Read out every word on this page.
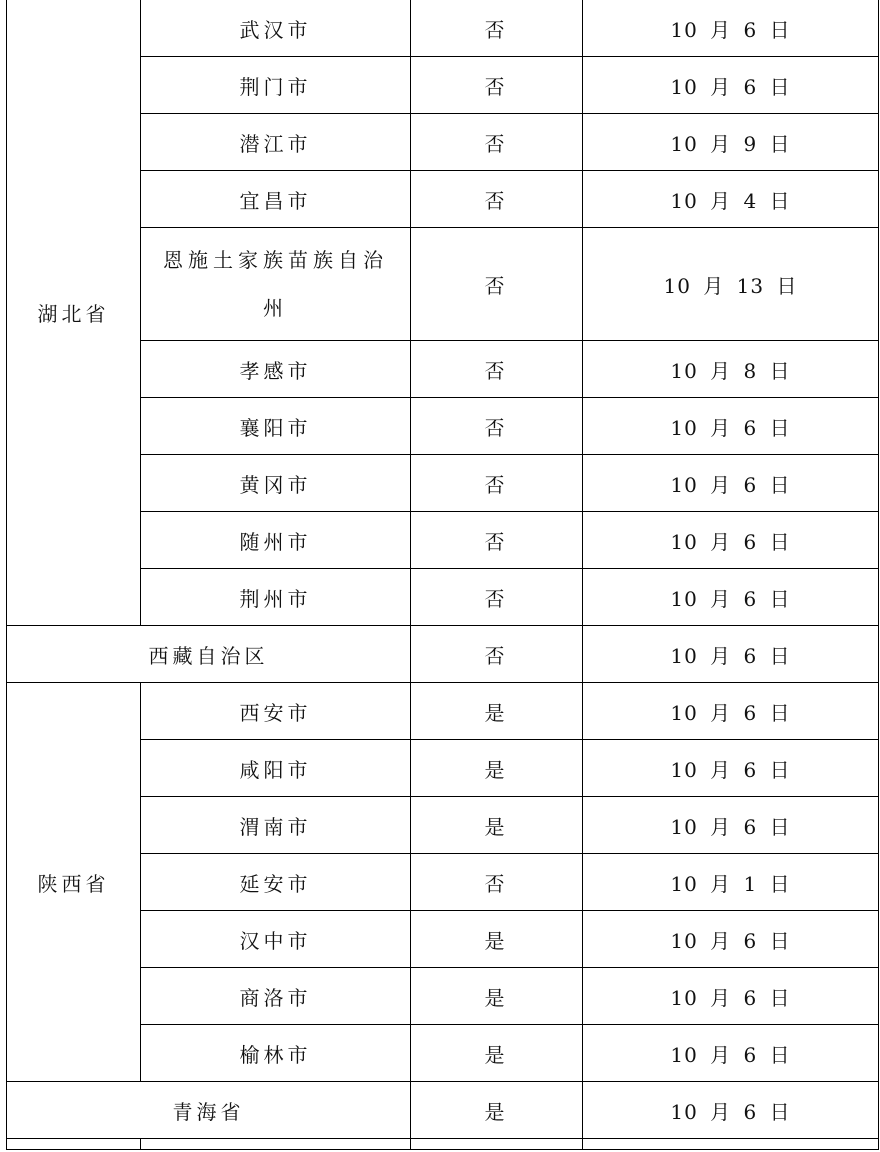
湖北省	武汉市	否	10 月 6 日
	荆门市	否	10 月 6 日
	潜江市	否	10 月 9 日
	宜昌市	否	10 月 4 日
	恩施土家族苗族自治州	否	10 月 13 日
	孝感市	否	10 月 8 日
	襄阳市	否	10 月 6 日
	黄冈市	否	10 月 6 日
	随州市	否	10 月 6 日
	荆州市	否	10 月 6 日
西藏自治区		否	10 月 6 日
陕西省	西安市	是	10 月 6 日
	咸阳市	是	10 月 6 日
	渭南市	是	10 月 6 日
	延安市	否	10 月 1 日
	汉中市	是	10 月 6 日
	商洛市	是	10 月 6 日
	榆林市	是	10 月 6 日
青海省		是	10 月 6 日
